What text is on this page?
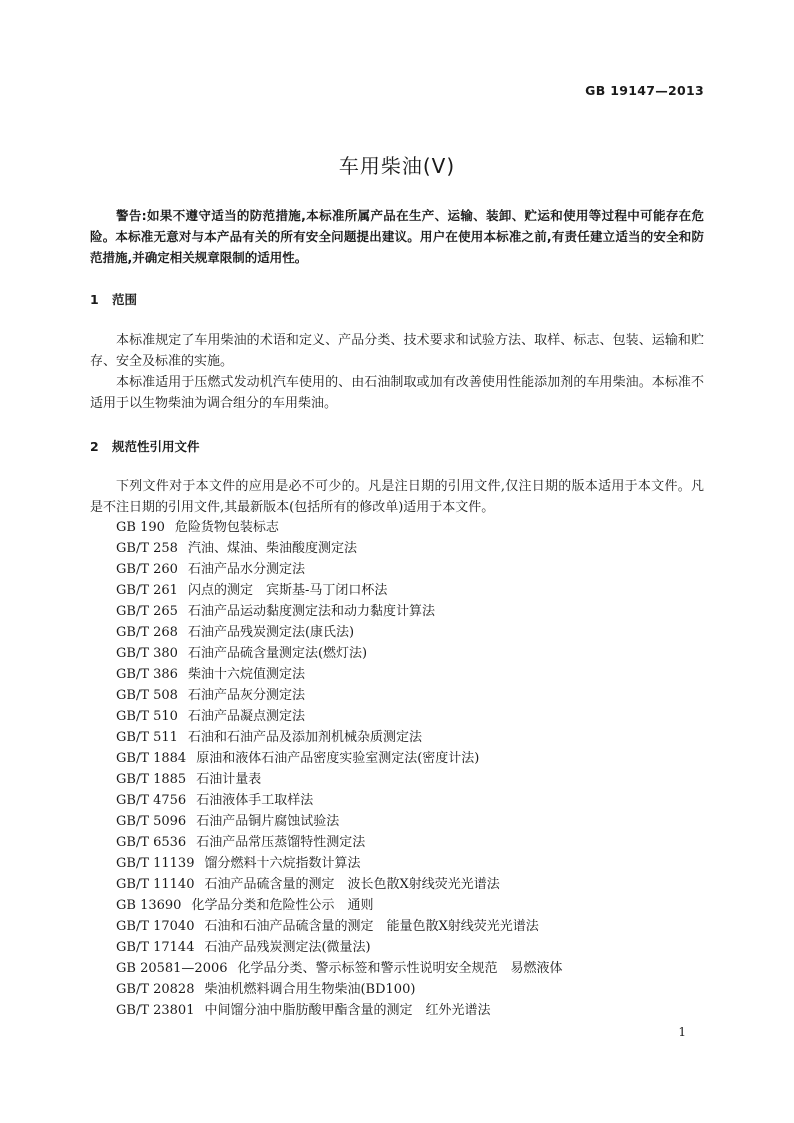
GB 19147—2013
车用柴油(Ⅴ)

警告:如果不遵守适当的防范措施,本标准所属产品在生产、运输、装卸、贮运和使用等过程中可能存在危险。本标准无意对与本产品有关的所有安全问题提出建议。用户在使用本标准之前,有责任建立适当的安全和防范措施,并确定相关规章限制的适用性。

1 范围

本标准规定了车用柴油的术语和定义、产品分类、技术要求和试验方法、取样、标志、包装、运输和贮存、安全及标准的实施。

本标准适用于压燃式发动机汽车使用的、由石油制取或加有改善使用性能添加剂的车用柴油。本标准不适用于以生物柴油为调合组分的车用柴油。

2 规范性引用文件

下列文件对于本文件的应用是必不可少的。凡是注日期的引用文件,仅注日期的版本适用于本文件。凡是不注日期的引用文件,其最新版本(包括所有的修改单)适用于本文件。

GB 190 危险货物包装标志
GB/T 258 汽油、煤油、柴油酸度测定法
GB/T 260 石油产品水分测定法
GB/T 261 闪点的测定　宾斯基-马丁闭口杯法
GB/T 265 石油产品运动黏度测定法和动力黏度计算法
GB/T 268 石油产品残炭测定法(康氏法)
GB/T 380 石油产品硫含量测定法(燃灯法)
GB/T 386 柴油十六烷值测定法
GB/T 508 石油产品灰分测定法
GB/T 510 石油产品凝点测定法
GB/T 511 石油和石油产品及添加剂机械杂质测定法
GB/T 1884 原油和液体石油产品密度实验室测定法(密度计法)
GB/T 1885 石油计量表
GB/T 4756 石油液体手工取样法
GB/T 5096 石油产品铜片腐蚀试验法
GB/T 6536 石油产品常压蒸馏特性测定法
GB/T 11139 馏分燃料十六烷指数计算法
GB/T 11140 石油产品硫含量的测定　波长色散X射线荧光光谱法
GB 13690 化学品分类和危险性公示　通则
GB/T 17040 石油和石油产品硫含量的测定　能量色散X射线荧光光谱法
GB/T 17144 石油产品残炭测定法(微量法)
GB 20581—2006 化学品分类、警示标签和警示性说明安全规范　易燃液体
GB/T 20828 柴油机燃料调合用生物柴油(BD100)
GB/T 23801 中间馏分油中脂肪酸甲酯含量的测定　红外光谱法
1
